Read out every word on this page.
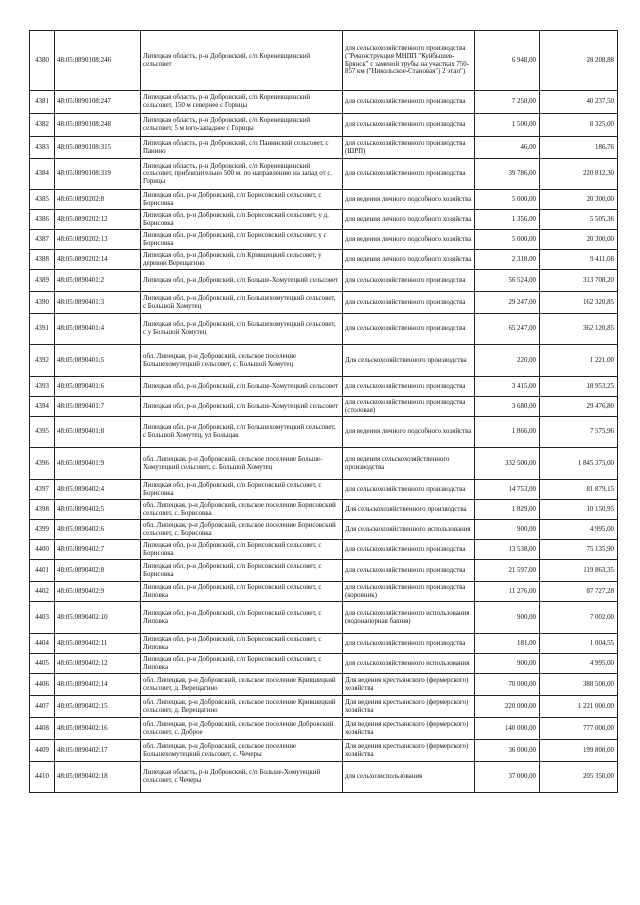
4380	48:05:0890108:246	Липецкая область, р-н Добровский, с/п Кореневщинский сельсовет	для сельскохозяйственного производства ("Реконструкция МНПП "Куйбышев-Брянск" с заменой трубы на участках 750-857 км ("Никольское-Становая") 2 этап")	6 948,00	28 208,88
4381	48:05:0890108:247	Липецкая область, р-н Добровский, с/п Кореневщинский сельсовет, 150 м севернее с Горицы	для сельскохозяйственного производства	7 250,00	40 237,50
4382	48:05:0890108:248	Липецкая область, р-н Добровский, с/п Кореневщинский сельсовет, 5 м юго-западнее с Горицы	для сельскохозяйственного производства	1 500,00	8 325,00
4383	48:05:0890108:315	Липецкая область, р-н Добровский, с/п Панинский сельсовет, с Панино	для сельскохозяйственного производства (ШРП)	46,00	186,76
4384	48:05:0890108:319	Липецкая область, р-н Добровский, с/п Кореневщинский сельсовет, приблизительно 500 м. по направлению на запад от с. Горицы	для сельскохозяйственного производства	39 786,00	220 812,30
4385	48:05:0890202:8	Липецкая обл, р-н Добровский, с/п Борисовский сельсовет, с Борисовка	для ведения личного подсобного хозяйства	5 000,00	20 300,00
4386	48:05:0890202:12	Липецкая обл, р-н Добровский, с/п Борисовский сельсовет, у д. Борисовка	для ведения личного подсобного хозяйства	1 356,00	5 505,36
4387	48:05:0890202:13	Липецкая обл, р-н Добровский, с/п Борисовский сельсовет, у с Борисовка	для ведения личного подсобного хозяйства	5 000,00	20 300,00
4388	48:05:0890202:14	Липецкая обл, р-н Добровский, с/п Крившецкий сельсовет, у деревни Верещагино	для ведения личного подсобного хозяйства	2 318,00	9 411,08
4389	48:05:0890401:2	Липецкая обл, р-н Добровский, с/п Больше-Хомутецкий сельсовет	для сельскохозяйственного производства	56 524,00	313 708,20
4390	48:05:0890401:3	Липецкая обл, р-н Добровский, с/п Большехомутецкий сельсовет, с Большой Хомутец	для сельскохозяйственного производства	29 247,00	162 320,85
4391	48:05:0890401:4	Липецкая обл, р-н Добровский, с/п Большехомутецкий сельсовет, с у Большой Хомутец	для сельскохозяйственного производства	65 247,00	362 120,85
4392	48:05:0890401:5	обл. Липецкая, р-н Добровский, сельское поселение Большехомутецкий сельсовет, с. Большой Хомутец	Для сельскохозяйственного производства	220,00	1 221,00
4393	48:05:0890401:6	Липецкая обл, р-н Добровский, с/п Больше-Хомутецкий сельсовет	для сельскохозяйственного производства	3 415,00	18 953,25
4394	48:05:0890401:7	Липецкая обл, р-н Добровский, с/п Больше-Хомутецкий сельсовет	для сельскохозяйственного производства (столовая)	3 680,00	29 476,80
4395	48:05:0890401:8	Липецкая обл, р-н Добровский, с/п Большехомутецкий сельсовет, с Большой Хомутец, ул Больщак	для ведения личного подсобного хозяйства	1 866,00	7 575,96
4396	48:05:0890401:9	обл. Липецкая, р-н Добровский, сельское поселение Больше-Хомутецкий сельсовет, с. Большой Хомутец	для ведения сельскохозяйственного производства	332 500,00	1 845 375,00
4397	48:05:0890402:4	Липецкая обл, р-н Добровский, с/п Борисовский сельсовет, с Борисовка	для сельскохозяйственного производства	14 753,00	81 879,15
4398	48:05:0890402:5	обл. Липецкая, р-н Добровский, сельское поселение Борисовский сельсовет, с. Борисовка	Для сельскохозяйственного производства	1 829,00	10 150,95
4399	48:05:0890402:6	обл. Липецкая, р-н Добровский, сельское поселение Борисовский сельсовет, с. Борисовка	Для сельскохозяйственного использования	900,00	4 995,00
4400	48:05:0890402:7	Липецкая обл, р-н Добровский, с/п Борисовский сельсовет, с Борисовка	для сельскохозяйственного производства	13 538,00	75 135,90
4401	48:05:0890402:8	Липецкая обл, р-н Добровский, с/п Борисовский сельсовет, с Борисовка	для сельскохозяйственного производства	21 597,00	119 863,35
4402	48:05:0890402:9	Липецкая обл, р-н Добровский, с/п Борисовский сельсовет, с Липовка	для сельскохозяйственного производства (коровник)	11 276,00	87 727,28
4403	48:05:0890402:10	Липецкая обл, р-н Добровский, с/п Борисовский сельсовет, с Липовка	для сельскохозяйственного использования (водонапорная башня)	900,00	7 002,00
4404	48:05:0890402:11	Липецкая обл, р-н Добровский, с/п Борисовский сельсовет, с Липовка	для сельскохозяйственного производства	181,00	1 004,55
4405	48:05:0890402:12	Липецкая обл, р-н Добровский, с/п Борисовский сельсовет, с Липовка	для сельскохозяйственного использования	900,00	4 995,00
4406	48:05:0890402:14	обл. Липецкая, р-н Добровский, сельское поселение Крившецкий сельсовет, д. Верещагино	Для ведения крестьянского (фермерского) хозяйства	70 000,00	388 500,00
4407	48:05:0890402:15	обл. Липецкая, р-н Добровский, сельское поселение Крившецкий сельсовет, д. Верещагино	Для ведения крестьянского (фермерского) хозяйства	220 000,00	1 221 000,00
4408	48:05:0890402:16	обл. Липецкая, р-н Добровский, сельское поселение Добровский сельсовет, с. Доброе	Для ведения крестьянского (фермерского) хозяйства	140 000,00	777 000,00
4409	48:05:0890402:17	обл. Липецкая, р-н Добровский, сельское поселение Большехомутецкий сельсовет, с. Чечеры	Для ведения крестьянского (фермерского) хозяйства	36 000,00	199 800,00
4410	48:05:0890402:18	Липецкая область, р-н Добровский, с/п Больше-Хомутецкий сельсовет, с Чечеры	для сельхозиспользования	37 000,00	205 350,00
